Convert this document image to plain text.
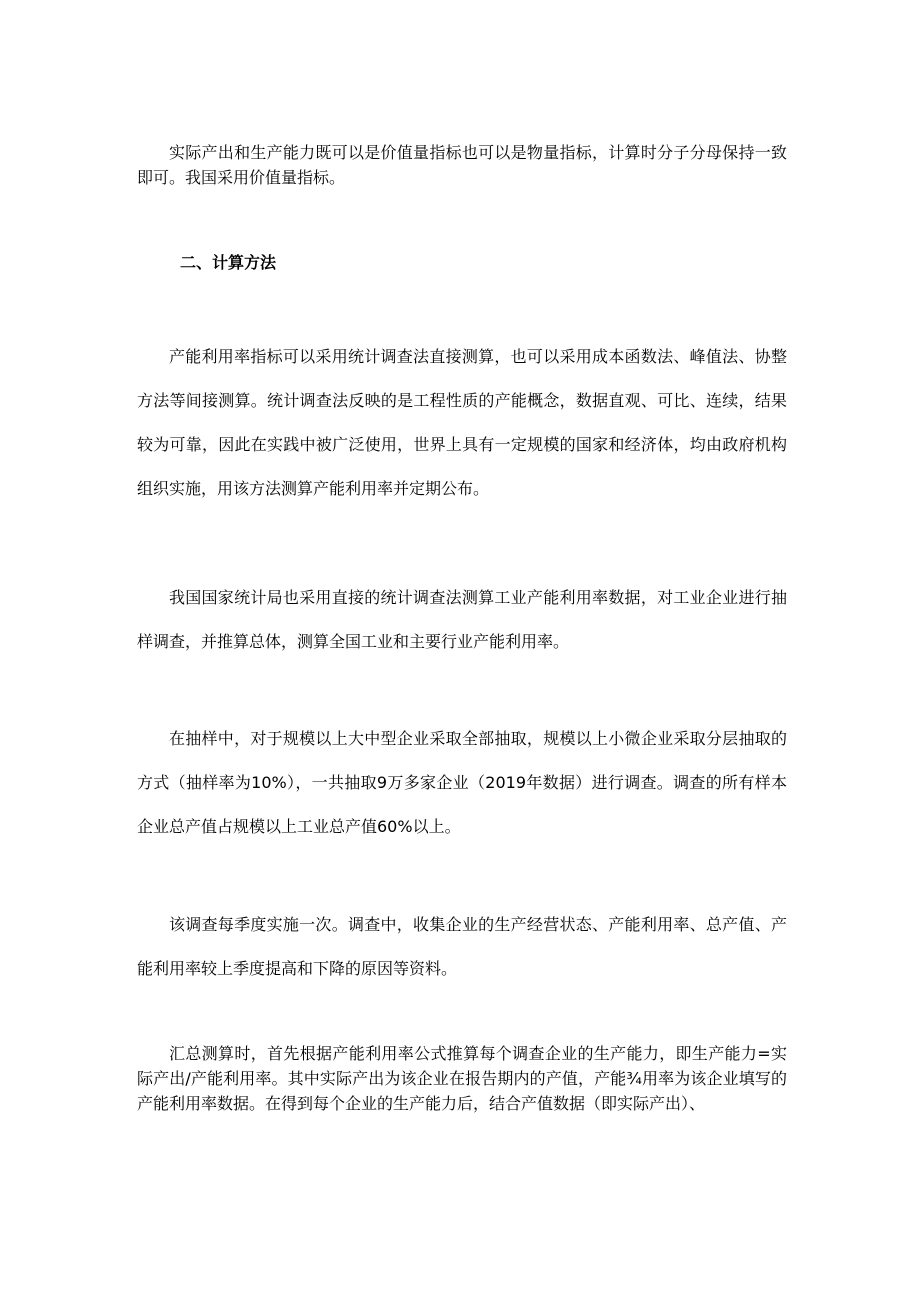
实际产出和生产能力既可以是价值量指标也可以是物量指标，计算时分子分母保持一致即可。我国采用价值量指标。

二、计算方法

产能利用率指标可以采用统计调查法直接测算，也可以采用成本函数法、峰值法、协整方法等间接测算。统计调查法反映的是工程性质的产能概念，数据直观、可比、连续，结果较为可靠，因此在实践中被广泛使用，世界上具有一定规模的国家和经济体，均由政府机构组织实施，用该方法测算产能利用率并定期公布。

我国国家统计局也采用直接的统计调查法测算工业产能利用率数据，对工业企业进行抽样调查，并推算总体，测算全国工业和主要行业产能利用率。

在抽样中，对于规模以上大中型企业采取全部抽取，规模以上小微企业采取分层抽取的方式（抽样率为10%），一共抽取9万多家企业（2019年数据）进行调查。调查的所有样本企业总产值占规模以上工业总产值60%以上。

该调查每季度实施一次。调查中，收集企业的生产经营状态、产能利用率、总产值、产能利用率较上季度提高和下降的原因等资料。

汇总测算时，首先根据产能利用率公式推算每个调查企业的生产能力，即生产能力=实际产出/产能利用率。其中实际产出为该企业在报告期内的产值，产能¾用率为该企业填写的产能利用率数据。在得到每个企业的生产能力后，结合产值数据（即实际产出）、
